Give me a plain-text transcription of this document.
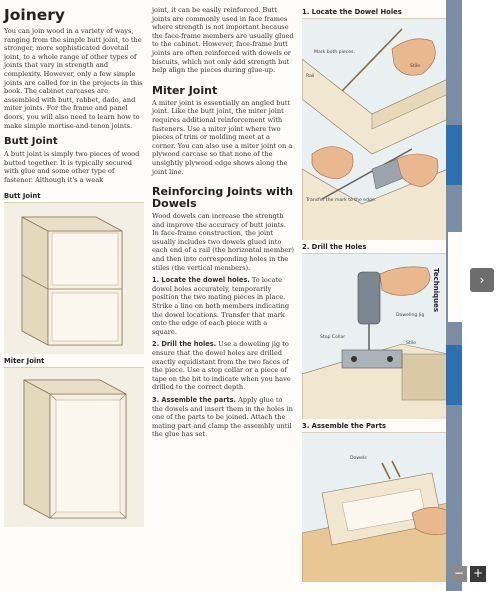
Joinery

You can join wood in a variety of ways, ranging from the simple butt joint, to the stronger, more sophisticated dovetail joint, to a whole range of other types of joints that vary in strength and complexity. However, only a few simple joints are called for in the projects in this book. The cabinet carcases are assembled with butt, rabbet, dado, and miter joints. For the frame and panel doors, you will also need to learn how to make simple mortise-and-tenon joints.

Butt Joint

A butt joint is simply two pieces of wood butted together. It is typically secured with glue and some other type of fastener. Although it's a weak

Butt Joint
Miter Joint

joint, it can be easily reinforced. Butt joints are commonly used in face frames where strength is not important because the face-frame members are usually glued to the cabinet. However, face-frame butt joints are often reinforced with dowels or biscuits, which not only add strength but help align the pieces during glue-up.

Miter Joint

A miter joint is essentially an angled butt joint. Like the butt joint, the miter joint requires additional reinforcement with fasteners. Use a miter joint where two pieces of trim or molding meet at a corner. You can also use a miter joint on a plywood carcase so that none of the unsightly plywood edge shows along the joint line.

Reinforcing Joints with Dowels

Wood dowels can increase the strength and improve the accuracy of butt joints. In face-frame construction, the joint usually includes two dowels glued into each end of a rail (the horizontal member) and then into corresponding holes in the stiles (the vertical members).

1. Locate the dowel holes. To locate dowel holes accurately, temporarily position the two mating pieces in place. Strike a line on both members indicating the dowel locations. Transfer that mark onto the edge of each piece with a square.

2. Drill the holes. Use a doweling jig to ensure that the dowel holes are drilled exactly equidistant from the two faces of the piece. Use a stop collar or a piece of tape on the bit to indicate when you have drilled to the correct depth.

3. Assemble the parts. Apply glue to the dowels and insert them in the holes in one of the parts to be joined. Attach the mating part and clamp the assembly until the glue has set.

1. Locate the Dowel Holes
Mark both pieces.
Stile
Rail
Transfer the mark to the edge.
2. Drill the Holes
Doweling Jig
Stop Collar
Stile
3. Assemble the Parts
Dowels
Techniques	›
− +
